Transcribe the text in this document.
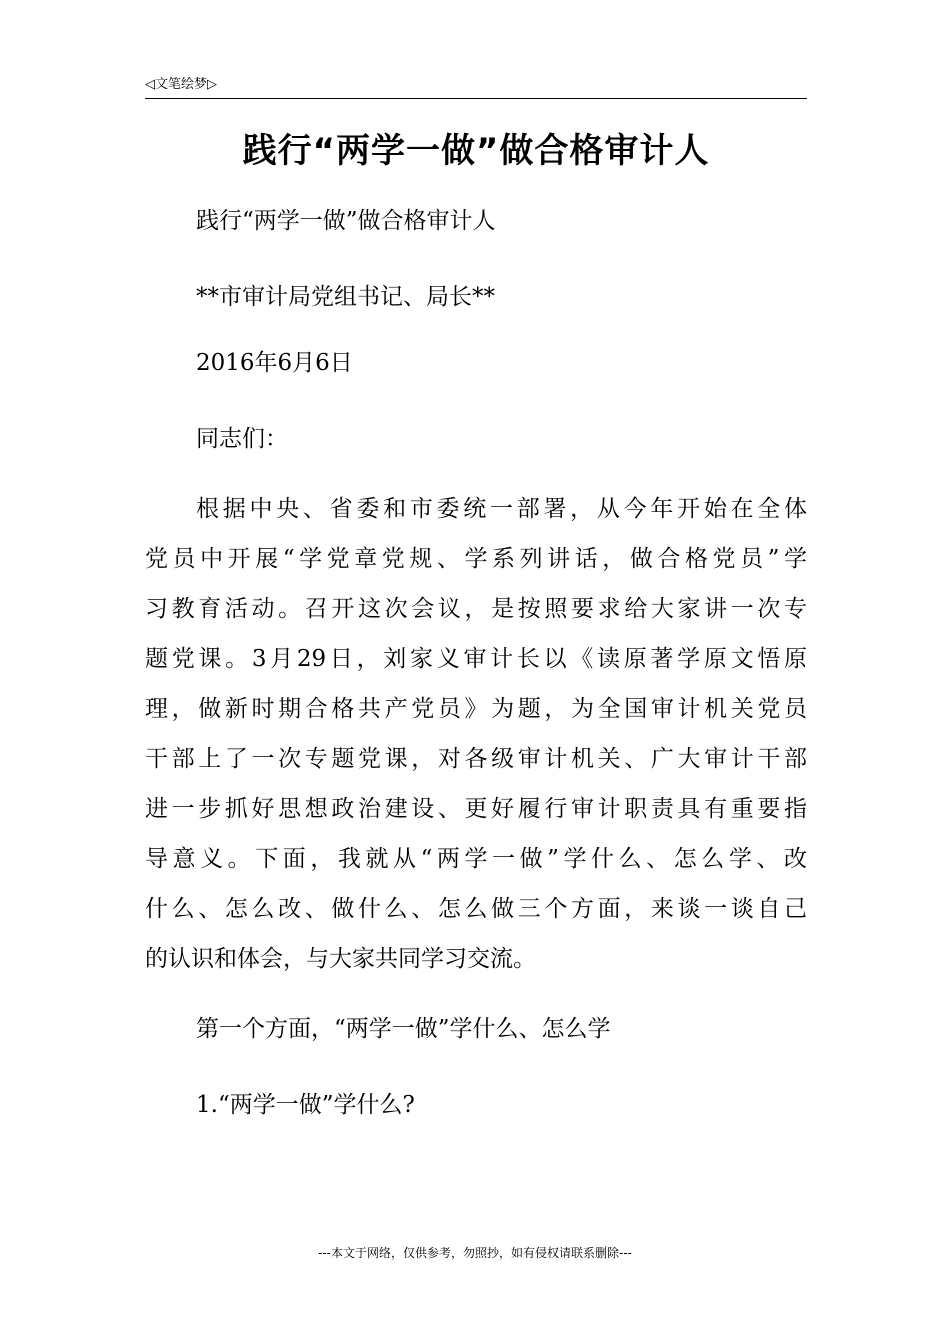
◁文笔绘梦▷
践行“两学一做”做合格审计人
践行“两学一做”做合格审计人
**市审计局党组书记、局长**
2016年6月6日
同志们：
根据中央、省委和市委统一部署，从今年开始在全体
党员中开展“学党章党规、学系列讲话，做合格党员”学
习教育活动。召开这次会议，是按照要求给大家讲一次专
题党课。3月29日，刘家义审计长以《读原著学原文悟原
理，做新时期合格共产党员》为题，为全国审计机关党员
干部上了一次专题党课，对各级审计机关、广大审计干部
进一步抓好思想政治建设、更好履行审计职责具有重要指
导意义。下面，我就从“两学一做”学什么、怎么学、改
什么、怎么改、做什么、怎么做三个方面，来谈一谈自己
的认识和体会，与大家共同学习交流。
第一个方面，“两学一做”学什么、怎么学
1.“两学一做”学什么?
---本文于网络，仅供参考，勿照抄，如有侵权请联系删除---
